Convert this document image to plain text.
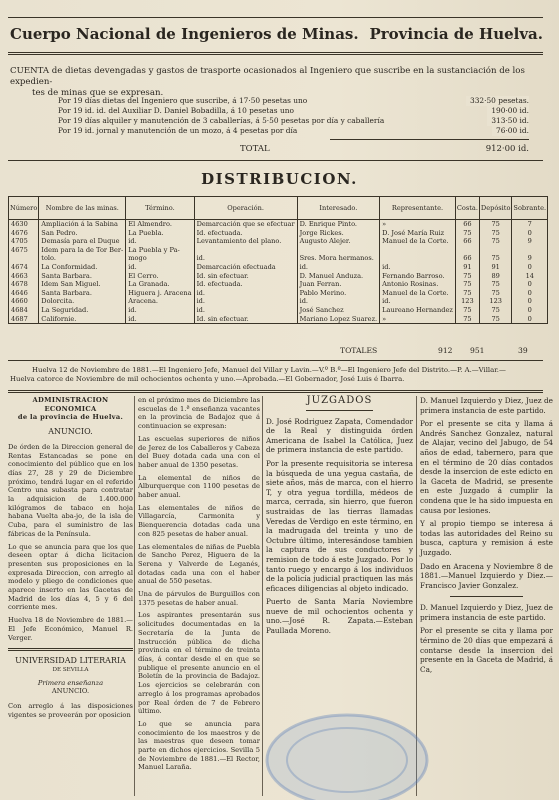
Cuerpo Nacional de Ingenieros de Minas. Provincia de Huelva.
CUENTA de dietas devengadas y gastos de trasporte ocasionados al Ingeniero que suscribe en la sustanciación de los expedien-
tes de minas que se expresan.
Por 19 días dietas del Ingeniero que suscribe, á 17·50 pesetas uno	332·50 pesetas.
Por 19 id. id. del Auxiliar D. Daniel Bobadilla, á 10 pesetas uno	190·00 id.
Por 19 días alquiler y manutención de 3 caballerías, á 5·50 pesetas por día y caballería	313·50 id.
Por 19 id. jornal y manutención de un mozo, á 4 pesetas por día	76·00 id.
TOTAL	912·00 id.
DISTRIBUCION.
Número	Nombre de las minas.	Término.	Operación.	Interesado.	Representante.	Costa.	Depósito	Sobrante.
4630	Ampliación á la Sabina	El Almendro.	Demarcación que se efectuar	D. Enrique Pinto.	»	66	75	7
4676	San Pedro.	La Puebla.	Id. efectuada.	Jorge Rickes.	D. José María Ruiz	75	75	0
4705	Demasía para el Duque	id.	Levantamiento del plano.	Augusto Alejer.	Manuel de la Corte.	66	75	9
4675	Idem para la de Tor Ber-	La Puebla y Pa-						
	tolo.	mogo	id.	Sres. Mora hermanos.		66	75	9
4674	La Conformidad.	id.	Demarcación efectuada	id.	id.	91	91	0
4663	Santa Barbara.	El Cerro.	Id. sin efectuar.	D. Manuel Anduza.	Fernando Barroso.	75	89	14
4678	Idem San Miguel.	La Granada.	Id. efectuada.	Juan Ferran.	Antonio Rosinas.	75	75	0
4646	Santa Barbara.	Higuera j. Aracena	id.	Pablo Merino.	Manuel de la Corte.	75	75	0
4660	Dolorcita.	Aracena.	id.	id.	id.	123	123	0
4684	La Seguridad.	id.	id.	José Sanchez	Laureano Hernandez	75	75	0
4687	Californie.	id.	Id. sin efectuar.	Mariano Lopez Suarez.	»	75	75	0
TOTALES	912 951	39
Huelva 12 de Noviembre de 1881.—El Ingeniero Jefe, Manuel del Villar y Lavin.—V.º B.º—El Ingeniero Jefe del Distrito.—P. A.—Villar.—
Huelva catorce de Noviembre de mil ochocientos ochenta y uno.—Aprobada.—El Gobernador, José Luis é Ibarra.
ADMINISTRACION ECONOMICA
de la provincia de Huelva.
ANUNCIO.

De órden de la Direccion general de Rentas Estancadas se pone en conocimiento del público que en los días 27, 28 y 29 de Diciembre próximo, tendrá lugar en el referido Centro una subasta para contratar la adquisicion de 1.400.000 kilógramos de tabaco en hoja habana Vuelta aba-jo, de la isla de Cuba, para el suministro de las fábricas de la Península.

Lo que se anuncia para que los que deseen optar á dicha licitacion presenten sus proposiciones en la expresada Direccion, con arreglo al modelo y pliego de condiciones que aparece inserto en las Gacetas de Madrid de los días 4, 5 y 6 del corriente mes.

Huelva 18 de Noviembre de 1881.—El Jefe Económico, Manuel R. Verger.

UNIVERSIDAD LITERARIA
DE SEVILLA
Primera enseñanza
ANUNCIO.

Con arreglo á las disposiciones vigentes se proveerán por oposicion

en el próximo mes de Diciembre las escuelas de 1.ª enseñanza vacantes en la provincia de Badajoz que á continuacion se expresan:

Las escuelas superiores de niños de Jerez de los Caballeros y Cabeza del Buey dotada cada una con el haber anual de 1350 pesetas.

La elemental de niños de Alburquerque con 1100 pesetas de haber anual.

Las elementales de niños de Villagarcía, Carmonita y Bienquerencia dotadas cada una con 825 pesetas de haber anual.

Las elementales de niñas de Puebla de Sancho Perez, Higuera de la Serena y Valverde de Leganés, dotadas cada una con el haber anual de 550 pesetas.

Una de párvulos de Burguillos con 1375 pesetas de haber anual.

Los aspirantes presentarán sus solicitudes documentadas en la Secretaría de la Junta de Instrucción pública de dicha provincia en el término de treinta días, á contar desde el en que se publique el presente anuncio en el Boletín de la provincia de Badajoz. Los ejercicios se celebrarán con arreglo á los programas aprobados por Real órden de 7 de Febrero último.

Lo que se anuncia para conocimiento de los maestros y de las maestras que deseen tomar parte en dichos ejercicios. Sevilla 5 de Noviembre de 1881.—El Rector, Manuel Laraña.

JUZGADOS

D. José Rodriguez Zapata, Comendador de la Real y distinguida órden Americana de Isabel la Católica, Juez de primera instancia de este partido.

Por la presente requisitoria se interesa la búsqueda de una yegua castaña, de siete años, más de marca, con el hierro T, y otra yegua tordilla, médeos de marca, cerrada, sin hierro, que fueron sustraidas de las tierras llamadas Veredas de Verdigo en este término, en la madrugada del treinta y uno de Octubre último, interesándose tambien la captura de sus conductores y remision de todo á este Juzgado. Por lo tanto ruego y encargo á los individuos de la policía judicial practiquen las más eficaces diligencias al objeto indicado.

Puerto de Santa María Noviembre nueve de mil ochocientos ochenta y uno.—José R. Zapata.—Esteban Paullada Moreno.

D. Manuel Izquierdo y Diez, Juez de primera instancia de este partido.

Por el presente se cita y llama á Andrés Sanchez Gonzalez, natural de Alajar, vecino del Jabugo, de 54 años de edad, tabernero, para que en el término de 20 días contados desde la insercion de este edicto en la Gaceta de Madrid, se presente en este Juzgado á cumplir la condena que le ha sido impuesta en causa por lesiones.

Y al propio tiempo se interesa á todas las autoridades del Reino su busca, captura y remision á este Juzgado.

Dado en Aracena y Noviembre 8 de 1881.—Manuel Izquierdo y Diez.—Francisco Javier Gonzalez.

D. Manuel Izquierdo y Diez, Juez de primera instancia de este partido.

Por el presente se cita y llama por término de 20 días que empezará á contarse desde la insercion del presente en la Gaceta de Madrid, á Ca,
